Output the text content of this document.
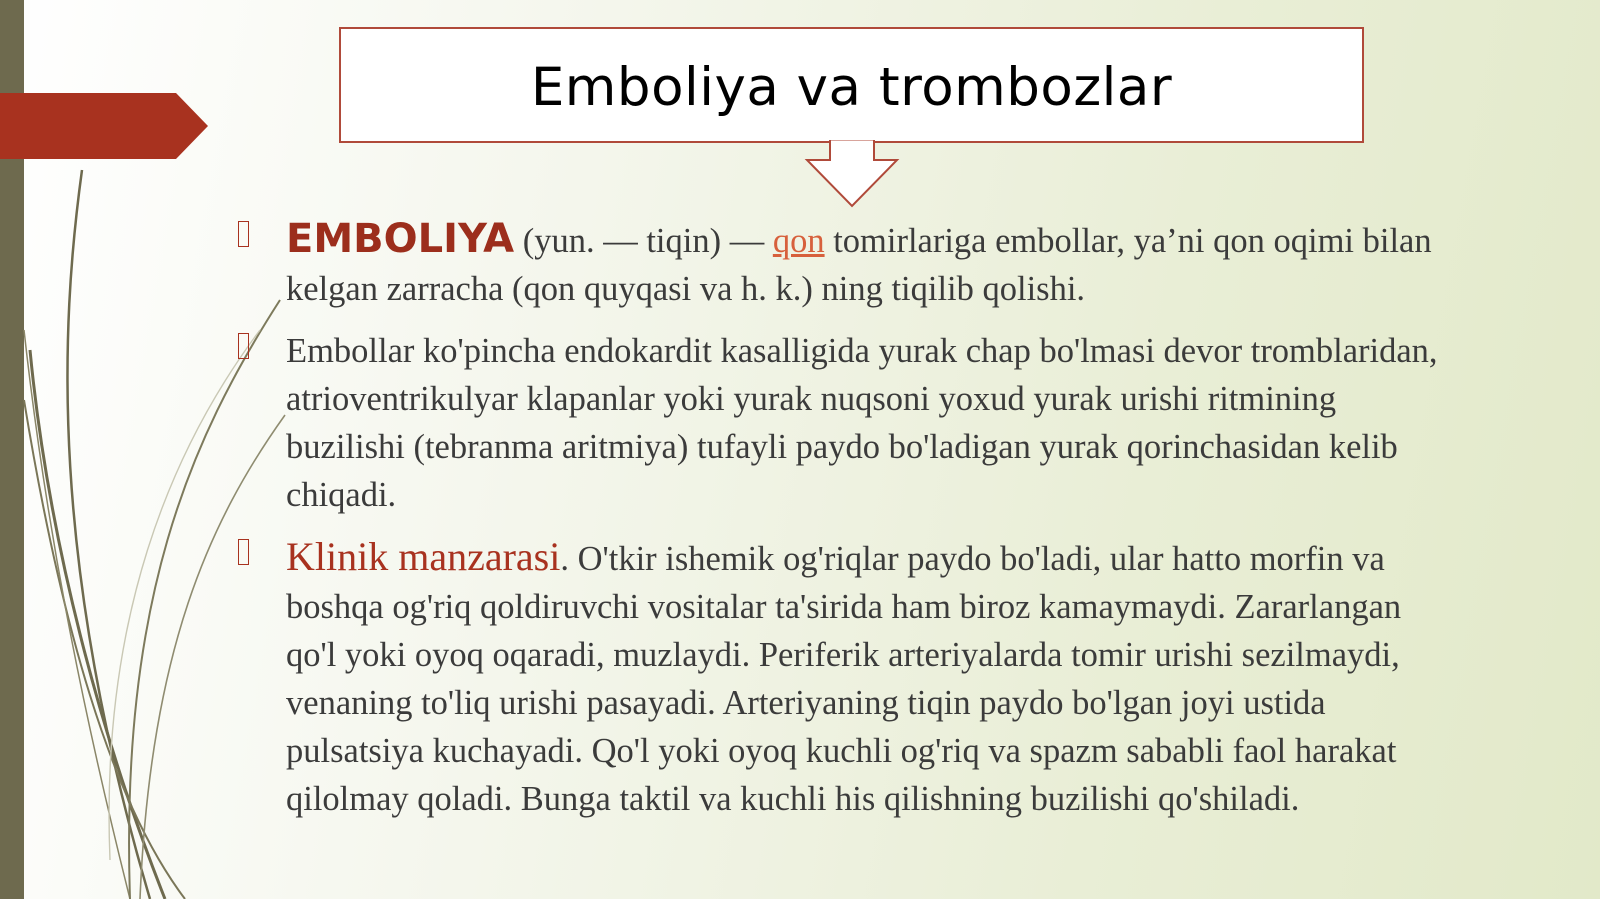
Emboliya va trombozlar
EMBOLIYA (yun. — tiqin) — qon tomirlariga embollar, ya’ni qon oqimi bilan kelgan zarracha (qon quyqasi va h. k.) ning tiqilib qolishi.
Embollar ko'pincha endokardit kasalligida yurak chap bo'lmasi devor tromblaridan, atrioventrikulyar klapanlar yoki yurak nuqsoni yoxud yurak urishi ritmining buzilishi (tebranma aritmiya) tufayli paydo bo'ladigan yurak qorinchasidan kelib chiqadi.
Klinik manzarasi. O'tkir ishemik og'riqlar paydo bo'ladi, ular hatto morfin va boshqa og'riq qoldiruvchi vositalar ta'sirida ham biroz kamaymaydi. Zararlangan qo'l yoki oyoq oqaradi, muzlaydi. Periferik arteriyalarda tomir urishi sezilmaydi, venaning to'liq urishi pasayadi. Arteriyaning tiqin paydo bo'lgan joyi ustida pulsatsiya kuchayadi. Qo'l yoki oyoq kuchli og'riq va spazm sababli faol harakat qilolmay qoladi. Bunga taktil va kuchli his qilishning buzilishi qo'shiladi.
